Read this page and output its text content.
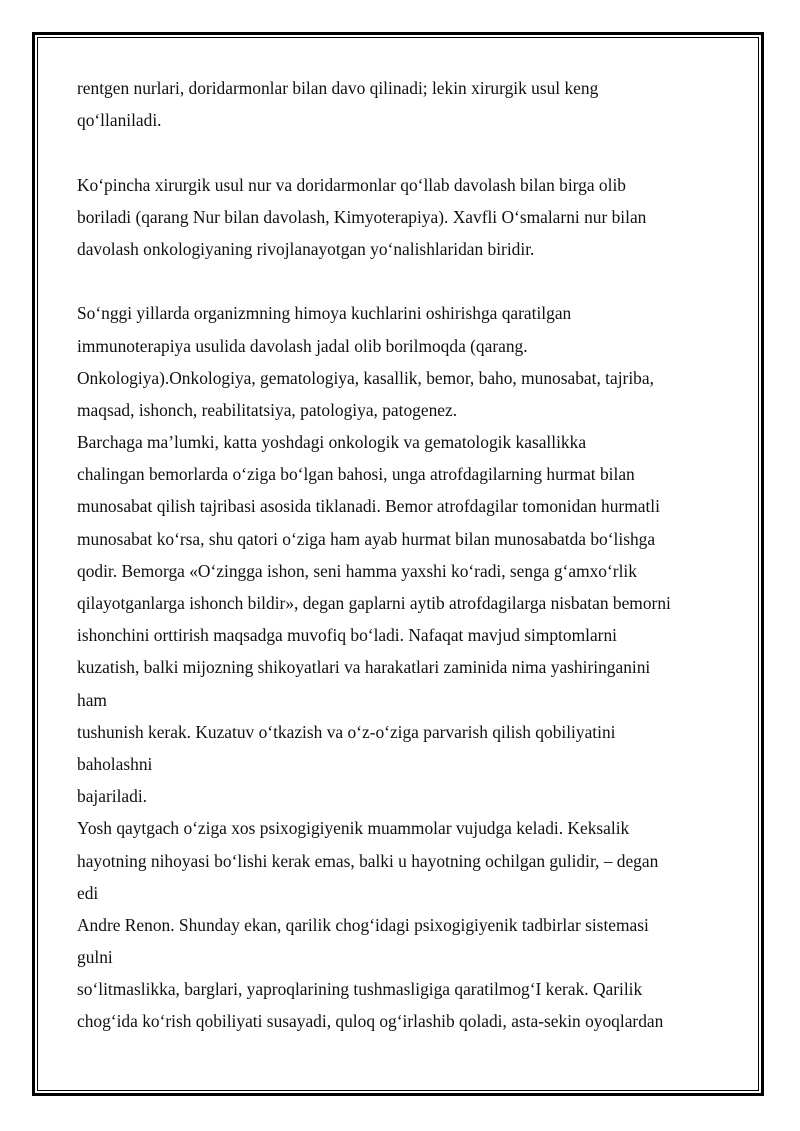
rentgen nurlari, doridarmonlar bilan davo qilinadi; lekin xirurgik usul keng
qo‘llaniladi.
Ko‘pincha xirurgik usul nur va doridarmonlar qo‘llab davolash bilan birga olib
boriladi (qarang Nur bilan davolash, Kimyoterapiya). Xavfli O‘smalarni nur bilan
davolash onkologiyaning rivojlanayotgan yo‘nalishlaridan biridir.
So‘nggi yillarda organizmning himoya kuchlarini oshirishga qaratilgan
immunoterapiya usulida davolash jadal olib borilmoqda (qarang.
Onkologiya).Onkologiya, gematologiya, kasallik, bemor, baho, munosabat, tajriba,
maqsad, ishonch, reabilitatsiya, patologiya, patogenez.
Barchaga ma’lumki, katta yoshdagi onkologik va gematologik kasallikka
chalingan bemorlarda o‘ziga bo‘lgan bahosi, unga atrofdagilarning hurmat bilan
munosabat qilish tajribasi asosida tiklanadi. Bemor atrofdagilar tomonidan hurmatli
munosabat ko‘rsa, shu qatori o‘ziga ham ayab hurmat bilan munosabatda bo‘lishga
qodir. Bemorga «O‘zingga ishon, seni hamma yaxshi ko‘radi, senga g‘amxo‘rlik
qilayotganlarga ishonch bildir», degan gaplarni aytib atrofdagilarga nisbatan bemorni
ishonchini orttirish maqsadga muvofiq bo‘ladi. Nafaqat mavjud simptomlarni
kuzatish, balki mijozning shikoyatlari va harakatlari zaminida nima yashiringanini
ham
tushunish kerak. Kuzatuv o‘tkazish va o‘z-o‘ziga parvarish qilish qobiliyatini
baholashni
bajariladi.
Yosh qaytgach o‘ziga xos psixogigiyenik muammolar vujudga keladi. Keksalik
hayotning nihoyasi bo‘lishi kerak emas, balki u hayotning ochilgan gulidir, – degan
edi
Andre Renon. Shunday ekan, qarilik chog‘idagi psixogigiyenik tadbirlar sistemasi
gulni
so‘litmaslikka, barglari, yaproqlarining tushmasligiga qaratilmog‘I kerak. Qarilik
chog‘ida ko‘rish qobiliyati susayadi, quloq og‘irlashib qoladi, asta-sekin oyoqlardan
